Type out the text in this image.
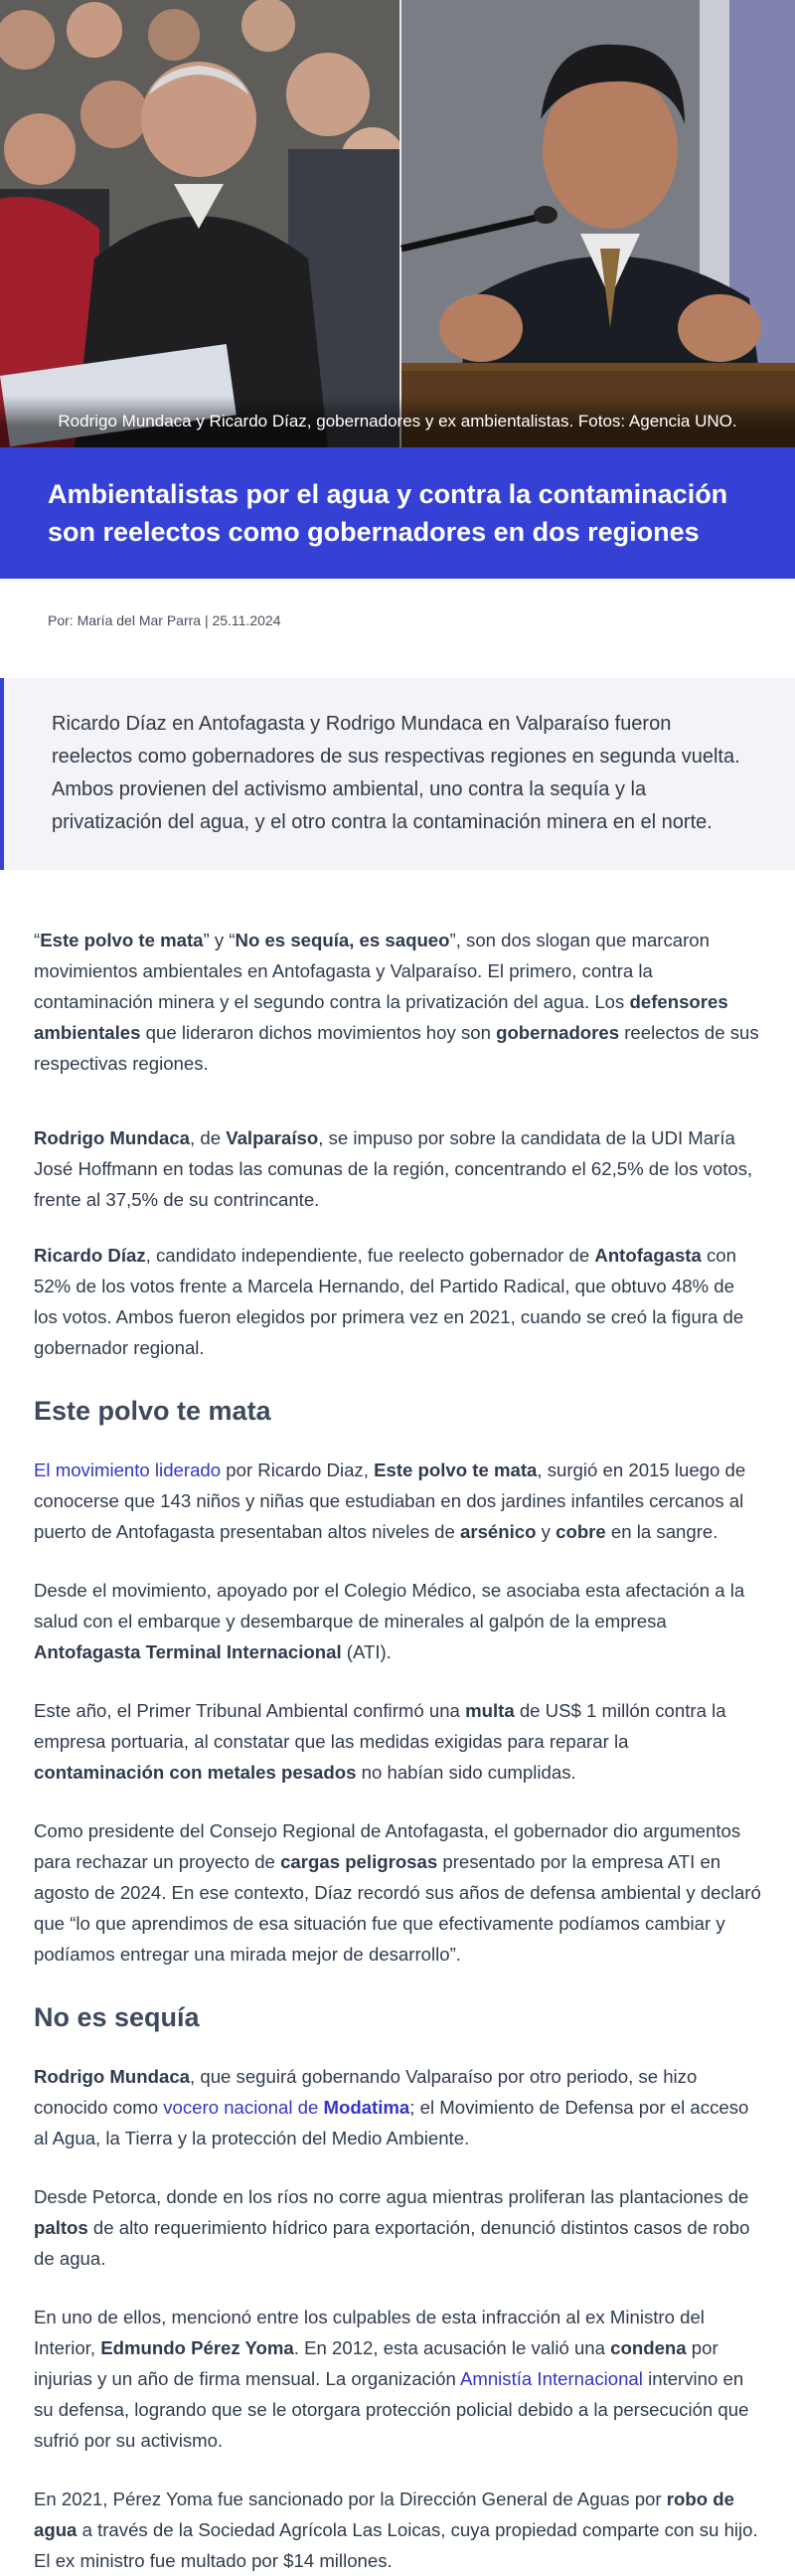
Rodrigo Mundaca y Ricardo Díaz, gobernadores y ex ambientalistas. Fotos: Agencia UNO.
Ambientalistas por el agua y contra la contaminación son reelectos como gobernadores en dos regiones
Por: María del Mar Parra | 25.11.2024

Ricardo Díaz en Antofagasta y Rodrigo Mundaca en Valparaíso fueron reelectos como gobernadores de sus respectivas regiones en segunda vuelta. Ambos provienen del activismo ambiental, uno contra la sequía y la privatización del agua, y el otro contra la contaminación minera en el norte.

“Este polvo te mata” y “No es sequía, es saqueo”, son dos slogan que marcaron movimientos ambientales en Antofagasta y Valparaíso. El primero, contra la contaminación minera y el segundo contra la privatización del agua. Los defensores ambientales que lideraron dichos movimientos hoy son gobernadores reelectos de sus respectivas regiones.

Rodrigo Mundaca, de Valparaíso, se impuso por sobre la candidata de la UDI María José Hoffmann en todas las comunas de la región, concentrando el 62,5% de los votos, frente al 37,5% de su contrincante.

Ricardo Díaz, candidato independiente, fue reelecto gobernador de Antofagasta con 52% de los votos frente a Marcela Hernando, del Partido Radical, que obtuvo 48% de los votos. Ambos fueron elegidos por primera vez en 2021, cuando se creó la figura de gobernador regional.

Este polvo te mata

El movimiento liderado por Ricardo Diaz, Este polvo te mata, surgió en 2015 luego de conocerse que 143 niños y niñas que estudiaban en dos jardines infantiles cercanos al puerto de Antofagasta presentaban altos niveles de arsénico y cobre en la sangre.

Desde el movimiento, apoyado por el Colegio Médico, se asociaba esta afectación a la salud con el embarque y desembarque de minerales al galpón de la empresa Antofagasta Terminal Internacional (ATI).

Este año, el Primer Tribunal Ambiental confirmó una multa de US$ 1 millón contra la empresa portuaria, al constatar que las medidas exigidas para reparar la contaminación con metales pesados no habían sido cumplidas.

Como presidente del Consejo Regional de Antofagasta, el gobernador dio argumentos para rechazar un proyecto de cargas peligrosas presentado por la empresa ATI en agosto de 2024. En ese contexto, Díaz recordó sus años de defensa ambiental y declaró que “lo que aprendimos de esa situación fue que efectivamente podíamos cambiar y podíamos entregar una mirada mejor de desarrollo”.

No es sequía

Rodrigo Mundaca, que seguirá gobernando Valparaíso por otro periodo, se hizo conocido como vocero nacional de Modatima; el Movimiento de Defensa por el acceso al Agua, la Tierra y la protección del Medio Ambiente.

Desde Petorca, donde en los ríos no corre agua mientras proliferan las plantaciones de paltos de alto requerimiento hídrico para exportación, denunció distintos casos de robo de agua.

En uno de ellos, mencionó entre los culpables de esta infracción al ex Ministro del Interior, Edmundo Pérez Yoma. En 2012, esta acusación le valió una condena por injurias y un año de firma mensual. La organización Amnistía Internacional intervino en su defensa, logrando que se le otorgara protección policial debido a la persecución que sufrió por su activismo.

En 2021, Pérez Yoma fue sancionado por la Dirección General de Aguas por robo de agua a través de la Sociedad Agrícola Las Loicas, cuya propiedad comparte con su hijo. El ex ministro fue multado por $14 millones.
